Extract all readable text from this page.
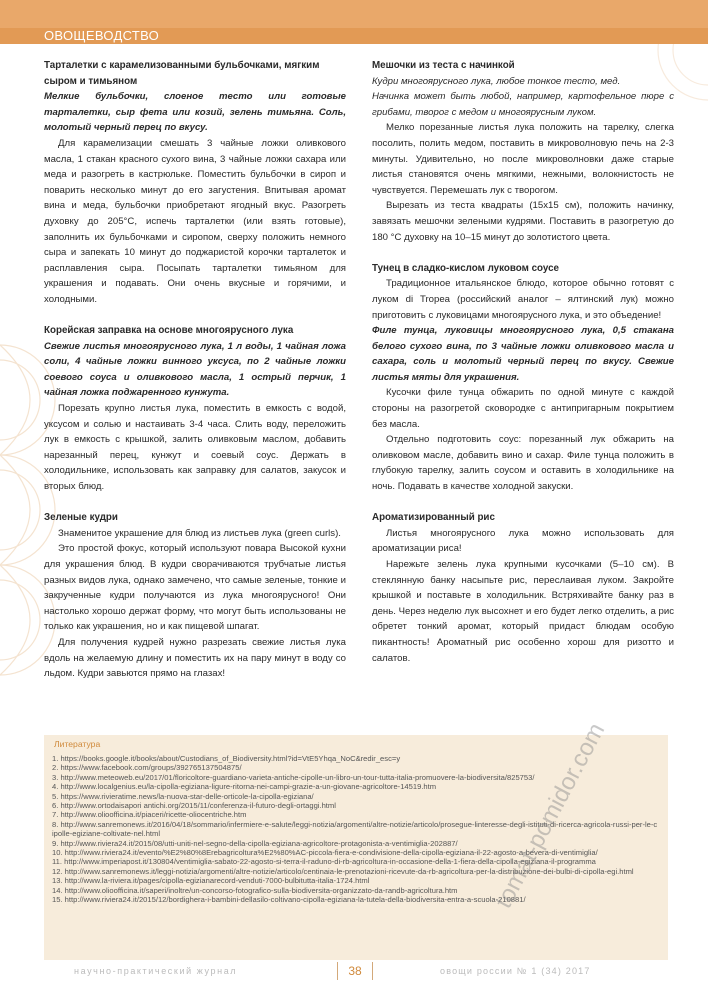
ОВОЩЕВОДСТВО
Тарталетки с карамелизованными бульбочками, мягким сыром и тимьяном

Мелкие бульбочки, слоеное тесто или готовые тарталетки, сыр фета или козий, зелень тимьяна. Соль, молотый черный перец по вкусу.

Для карамелизации смешать 3 чайные ложки оливкового масла, 1 стакан красного сухого вина, 3 чайные ложки сахара или меда и разогреть в кастрюльке. Поместить бульбочки в сироп и поварить несколько минут до его загустения. Впитывая аромат вина и меда, бульбочки приобретают ягодный вкус. Разогреть духовку до 205°С, испечь тарталетки (или взять готовые), заполнить их бульбочками и сиропом, сверху положить немного сыра и запекать 10 минут до поджаристой корочки тарталеток и расплавления сыра. Посыпать тарталетки тимьяном для украшения и подавать. Они очень вкусные и горячими, и холодными.

Корейская заправка на основе многоярусного лука

Свежие листья многоярусного лука, 1 л воды, 1 чайная ложа соли, 4 чайные ложки винного уксуса, по 2 чайные ложки соевого соуса и оливкового масла, 1 острый перчик, 1 чайная ложка поджаренного кунжута.

Порезать крупно листья лука, поместить в емкость с водой, уксусом и солью и настаивать 3-4 часа. Слить воду, переложить лук в емкость с крышкой, залить оливковым маслом, добавить нарезанный перец, кунжут и соевый соус. Держать в холодильнике, использовать как заправку для салатов, закусок и вторых блюд.

Зеленые кудри

Знаменитое украшение для блюд из листьев лука (green curls).

Это простой фокус, который используют повара Высокой кухни для украшения блюд. В кудри сворачиваются трубчатые листья разных видов лука, однако замечено, что самые зеленые, тонкие и закрученные кудри получаются из лука многоярусного! Они настолько хорошо держат форму, что могут быть использованы не только как украшения, но и как пищевой шпагат.

Для получения кудрей нужно разрезать свежие листья лука вдоль на желаемую длину и поместить их на пару минут в воду со льдом. Кудри завьются прямо на глазах!

Мешочки из теста с начинкой

Кудри многоярусного лука, любое тонкое тесто, мед.

Начинка может быть любой, например, картофельное пюре с грибами, творог с медом и многоярусным луком.

Мелко порезанные листья лука положить на тарелку, слегка посолить, полить медом, поставить в микроволновую печь на 2-3 минуты. Удивительно, но после микроволновки даже старые листья становятся очень мягкими, нежными, волокнистость не чувствуется. Перемешать лук с творогом.

Вырезать из теста квадраты (15х15 см), положить начинку, завязать мешочки зелеными кудрями. Поставить в разогретую до 180 °С духовку на 10–15 минут до золотистого цвета.

Тунец в сладко-кислом луковом соусе

Традиционное итальянское блюдо, которое обычно готовят с луком di Tropea (российский аналог – ялтинский лук) можно приготовить с луковицами многоярусного лука, и это объедение!

Филе тунца, луковицы многоярусного лука, 0,5 стакана белого сухого вина, по 3 чайные ложки оливкового масла и сахара, соль и молотый черный перец по вкусу. Свежие листья мяты для украшения.

Кусочки филе тунца обжарить по одной минуте с каждой стороны на разогретой сковородке с антипригарным покрытием без масла.

Отдельно подготовить соус: порезанный лук обжарить на оливковом масле, добавить вино и сахар. Филе тунца положить в глубокую тарелку, залить соусом и оставить в холодильнике на ночь. Подавать в качестве холодной закуски.

Ароматизированный рис

Листья многоярусного лука можно использовать для ароматизации риса!

Нарежьте зелень лука крупными кусочками (5–10 см). В стеклянную банку насыпьте рис, переслаивая луком. Закройте крышкой и поставьте в холодильник. Встряхивайте банку раз в день. Через неделю лук высохнет и его будет легко отделить, а рис обретет тонкий аромат, который придаст блюдам особую пикантность! Ароматный рис особенно хорош для ризотто и салатов.

Литература
1. https://books.google.it/books/about/Custodians_of_Biodiversity.html?id=VtE5Yhqa_NoC&redir_esc=y
2. https://www.facebook.com/groups/392765137504875/
3. http://www.meteoweb.eu/2017/01/floricoltore-guardiano-varieta-antiche-cipolle-un-libro-un-tour-tutta-italia-promuovere-la-biodiversita/825753/
4. http://www.localgenius.eu/la-cipolla-egiziana-ligure-ritorna-nei-campi-grazie-a-un-giovane-agricoltore-14519.htm
5. https://www.rivieratime.news/la-nuova-star-delle-orticole-la-cipolla-egiziana/
6. http://www.ortodaisapori antichi.org/2015/11/conferenza-il-futuro-degli-ortaggi.html
7. http://www.olioofficina.it/piaceri/ricette-oliocentriche.htm
8. http://www.sanremonews.it/2016/04/18/sommario/infermiere-e-salute/leggi-notizia/argomenti/altre-notizie/articolo/prosegue-linteresse-degli-istituti-di-ricerca-agricola-russi-per-le-cipolle-egiziane-coltivate-nel.html
9. http://www.riviera24.it/2015/08/utti-uniti-nel-segno-della-cipolla-egiziana-agricoltore-protagonista-a-ventimiglia-202887/
10. http://www.riviera24.it/evento/%E2%80%8Erebagricoltura%E2%80%AC-piccola-fiera-e-condivisione-della-cipolla-egiziana-il-22-agosto-a-bevera-di-ventimiglia/
11. http://www.imperiapost.it/130804/ventimiglia-sabato-22-agosto-si-terra-il-raduno-di-rb-agricoltura-in-occasione-della-1-fiera-della-cipolla-egiziana-il-programma
12. http://www.sanremonews.it/leggi-notizia/argomenti/altre-notizie/articolo/centinaia-le-prenotazioni-ricevute-da-rb-agricoltura-per-la-distribuzione-dei-bulbi-di-cipolla-egi.html
13. http://www.la-riviera.it/pages/cipolla-egizianarecord-venduti-7000-bulbitutta-italia-1724.html
14. http://www.olioofficina.it/saperi/inoltre/un-concorso-fotografico-sulla-biodiversita-organizzato-da-randb-agricoltura.htm
15. http://www.riviera24.it/2015/12/bordighera-i-bambini-dellasilo-coltivano-cipolla-egiziana-la-tutela-della-biodiversita-entra-a-scuola-210881/
научно-практический журнал	38	овощи россии № 1 (34) 2017
tomat-pomidor.com
